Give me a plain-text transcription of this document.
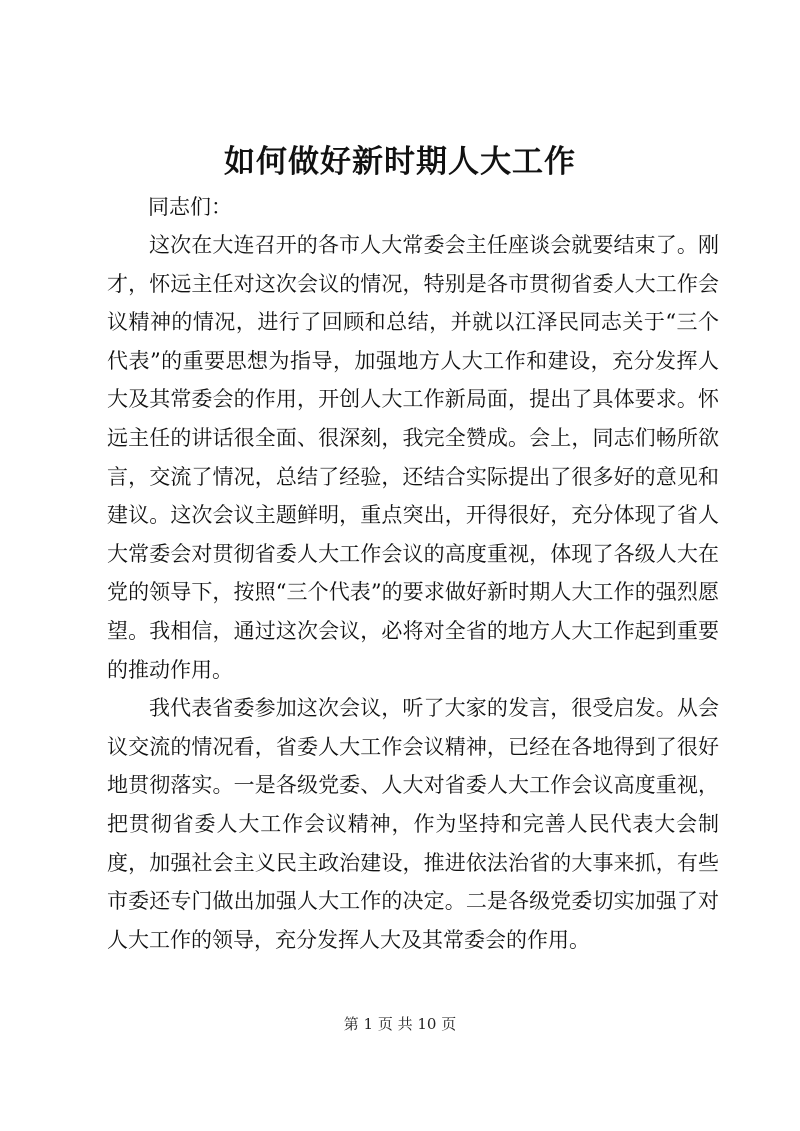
如何做好新时期人大工作
同志们：

这次在大连召开的各市人大常委会主任座谈会就要结束了。刚才，怀远主任对这次会议的情况，特别是各市贯彻省委人大工作会议精神的情况，进行了回顾和总结，并就以江泽民同志关于“三个代表”的重要思想为指导，加强地方人大工作和建设，充分发挥人大及其常委会的作用，开创人大工作新局面，提出了具体要求。怀远主任的讲话很全面、很深刻，我完全赞成。会上，同志们畅所欲言，交流了情况，总结了经验，还结合实际提出了很多好的意见和建议。这次会议主题鲜明，重点突出，开得很好，充分体现了省人大常委会对贯彻省委人大工作会议的高度重视，体现了各级人大在党的领导下，按照“三个代表”的要求做好新时期人大工作的强烈愿望。我相信，通过这次会议，必将对全省的地方人大工作起到重要的推动作用。

我代表省委参加这次会议，听了大家的发言，很受启发。从会议交流的情况看，省委人大工作会议精神，已经在各地得到了很好地贯彻落实。一是各级党委、人大对省委人大工作会议高度重视，把贯彻省委人大工作会议精神，作为坚持和完善人民代表大会制度，加强社会主义民主政治建设，推进依法治省的大事来抓，有些市委还专门做出加强人大工作的决定。二是各级党委切实加强了对人大工作的领导，充分发挥人大及其常委会的作用。

第 1 页 共 10 页
